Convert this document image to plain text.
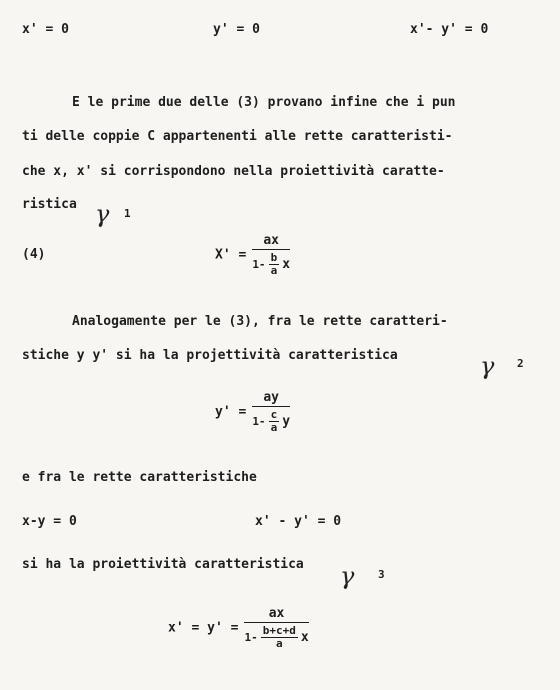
x' = 0	y' = 0	x'- y' = 0
E le prime due delle (3) provano infine che i pun
ti delle coppie C appartenenti alle rette caratteristi-
che x, x' si corrispondono nella proiettività caratte-
ristica γ 1
(4)	$X' = \frac{ax}{1- \frac{b}{a} x}$
Analogamente per le (3), fra le rette caratteri-
stiche y y' si ha la projettività caratteristica	γ 2
$y' = \frac{ay}{1- \frac{c}{a} y}$
e fra le rette caratteristiche
x-y = 0	x' - y' = 0
si ha la proiettività caratteristica γ 3
$x' = y' = \frac{ax}{1- \frac{b+c+d}{a} x}$
